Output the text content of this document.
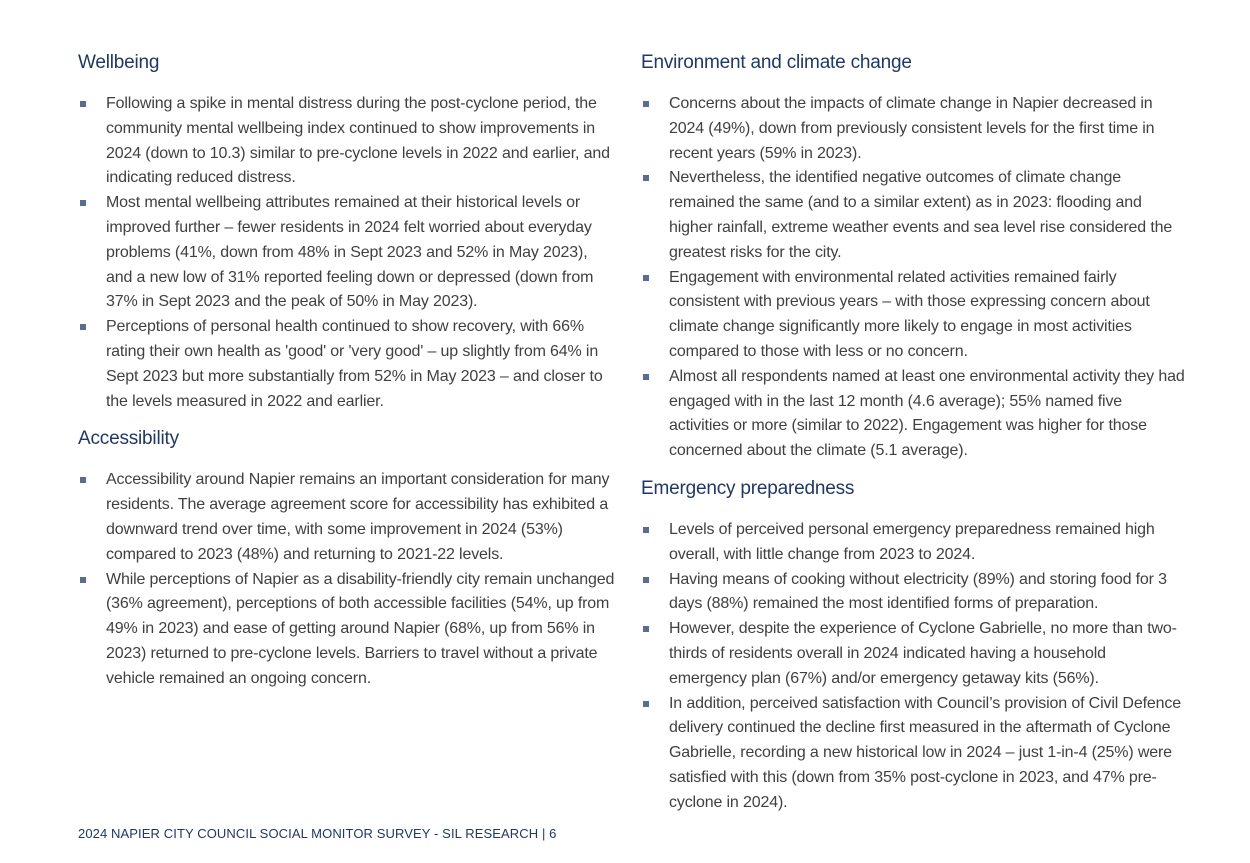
Wellbeing
Following a spike in mental distress during the post-cyclone period, the community mental wellbeing index continued to show improvements in 2024 (down to 10.3) similar to pre-cyclone levels in 2022 and earlier, and indicating reduced distress.
Most mental wellbeing attributes remained at their historical levels or improved further – fewer residents in 2024 felt worried about everyday problems (41%, down from 48% in Sept 2023 and 52% in May 2023), and a new low of 31% reported feeling down or depressed (down from 37% in Sept 2023 and the peak of 50% in May 2023).
Perceptions of personal health continued to show recovery, with 66% rating their own health as 'good' or 'very good' – up slightly from 64% in Sept 2023 but more substantially from 52% in May 2023 – and closer to the levels measured in 2022 and earlier.
Accessibility
Accessibility around Napier remains an important consideration for many residents. The average agreement score for accessibility has exhibited a downward trend over time, with some improvement in 2024 (53%) compared to 2023 (48%) and returning to 2021-22 levels.
While perceptions of Napier as a disability-friendly city remain unchanged (36% agreement), perceptions of both accessible facilities (54%, up from 49% in 2023) and ease of getting around Napier (68%, up from 56% in 2023) returned to pre-cyclone levels. Barriers to travel without a private vehicle remained an ongoing concern.
Environment and climate change
Concerns about the impacts of climate change in Napier decreased in 2024 (49%), down from previously consistent levels for the first time in recent years (59% in 2023).
Nevertheless, the identified negative outcomes of climate change remained the same (and to a similar extent) as in 2023: flooding and higher rainfall, extreme weather events and sea level rise considered the greatest risks for the city.
Engagement with environmental related activities remained fairly consistent with previous years – with those expressing concern about climate change significantly more likely to engage in most activities compared to those with less or no concern.
Almost all respondents named at least one environmental activity they had engaged with in the last 12 month (4.6 average); 55% named five activities or more (similar to 2022). Engagement was higher for those concerned about the climate (5.1 average).
Emergency preparedness
Levels of perceived personal emergency preparedness remained high overall, with little change from 2023 to 2024.
Having means of cooking without electricity (89%) and storing food for 3 days (88%) remained the most identified forms of preparation.
However, despite the experience of Cyclone Gabrielle, no more than two-thirds of residents overall in 2024 indicated having a household emergency plan (67%) and/or emergency getaway kits (56%).
In addition, perceived satisfaction with Council’s provision of Civil Defence delivery continued the decline first measured in the aftermath of Cyclone Gabrielle, recording a new historical low in 2024 – just 1-in-4 (25%) were satisfied with this (down from 35% post-cyclone in 2023, and 47% pre-cyclone in 2024).
2024 NAPIER CITY COUNCIL SOCIAL MONITOR SURVEY - SIL RESEARCH | 6
